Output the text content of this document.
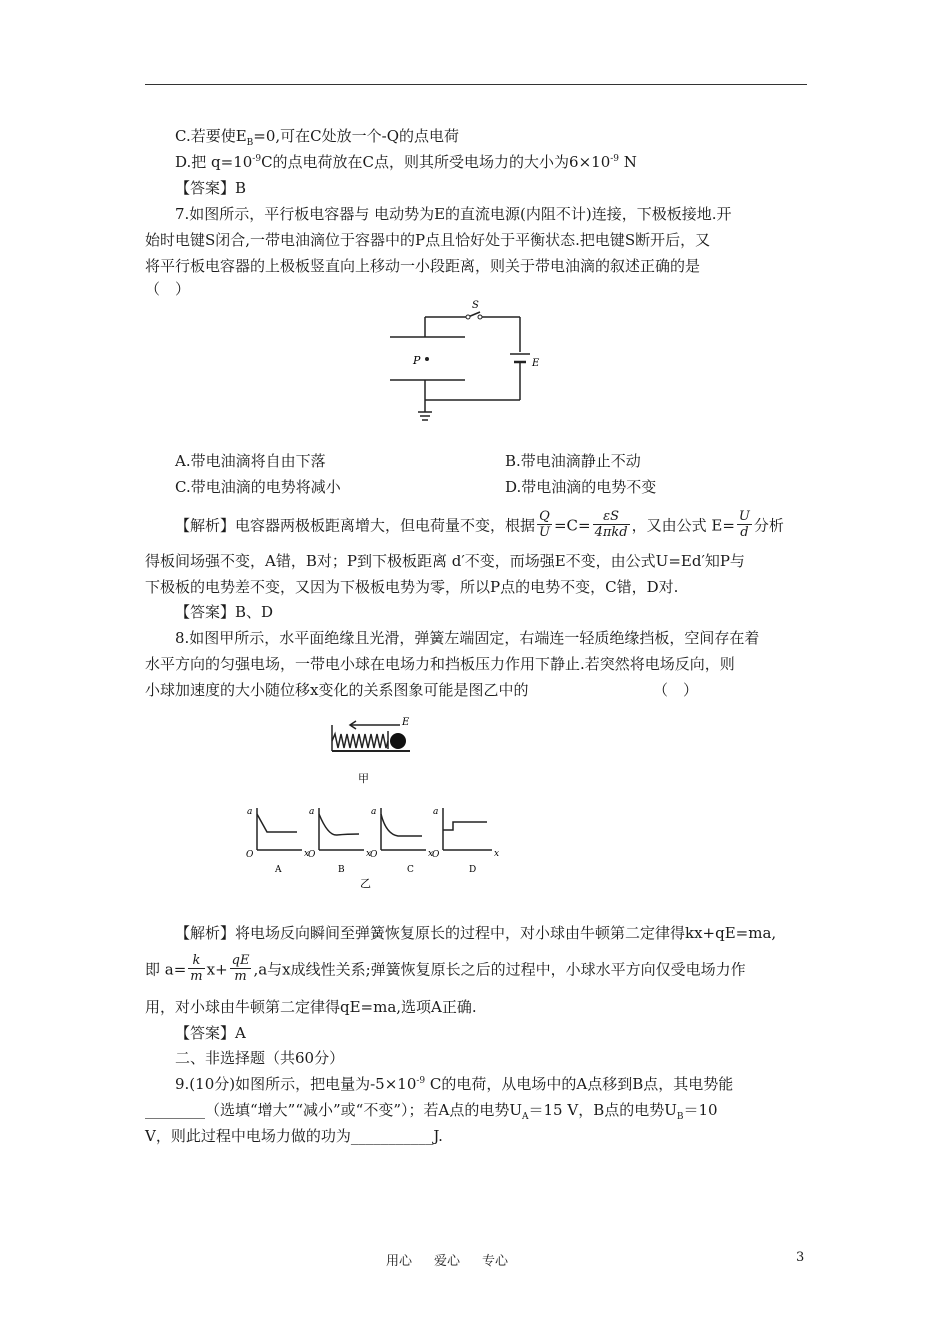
C.若要使$E_B=0$,可在C处放一个-Q的点电荷
D.把 $q=10^{-9}C$的点电荷放在C点，则其所受电场力的大小为$6\times 10^{-9}$ N
【答案】B
7.如图所示，平行板电容器与 电动势为E的直流电源(内阻不计)连接，下极板接地.开
始时电键S闭合,一带电油滴位于容器中的P点且恰好处于平衡状态.把电键S断开后，又
将平行板电容器的上极板竖直向上移动一小段距离，则关于带电油滴的叙述正确的是
（　）
S
E
P
A.带电油滴将自由下落	B.带电油滴静止不动
C.带电油滴的电势将减小	D.带电油滴的电势不变
【解析】电容器两极板距离增大，但电荷量不变，根据 $\frac{Q}{U} =C= \frac{\varepsilon S}{\text{4πkd}}$ ，又由公式 $E= \frac{U}{d}$ 分析
得板间场强不变，A错，B对；P到下极板距离 d′不变，而场强E不变，由公式U=Ed′知P与
下极板的电势差不变，又因为下极板电势为零，所以P点的电势不变，C错，D对.
【答案】B、D
8.如图甲所示，水平面绝缘且光滑，弹簧左端固定，右端连一轻质绝缘挡板，空间存在着
水平方向的匀强电场，一带电小球在电场力和挡板压力作用下静止.若突然将电场反向，则
小球加速度的大小随位移x变化的关系图象可能是图乙中的	（　）
E
甲
a
x
O
A
a
x
O
B
a
x
O
C
a
x
O
D
乙
【解析】将电场反向瞬间至弹簧恢复原长的过程中，对小球由牛顿第二定律得kx+qE=ma,
即 $a= \frac{k}{m} x+ \frac{qE}{m} ,a$与x成线性关系;弹簧恢复原长之后的过程中，小球水平方向仅受电场力作
用，对小球由牛顿第二定律得qE=ma,选项A正确.
【答案】A
二、非选择题（共60分）
9.(10分)如图所示，把电量为$-5\times 10^{-9}$ C的电荷，从电场中的A点移到B点，其电势能
________（选填“增大”“减小”或“不变”）；若A点的电势$U_A=15$ V，B点的电势$U_B=10$
V，则此过程中电场力做的功为___________J.
用心 爱心 专心	3
